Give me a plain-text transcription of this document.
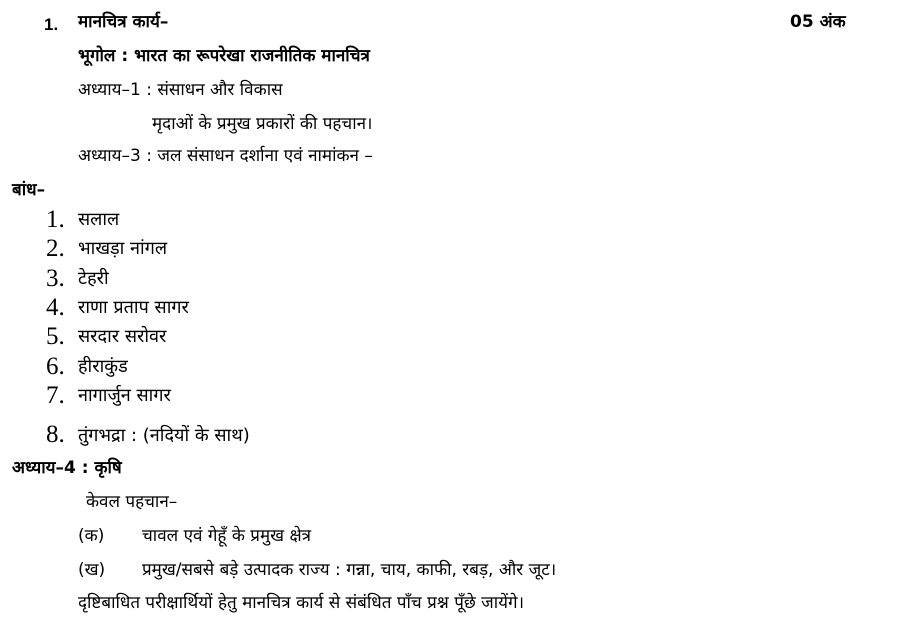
1. मानचित्र कार्य–	05 अंक
भूगोल : भारत का रूपरेखा राजनीतिक मानचित्र
अध्याय–1 : संसाधन और विकास
मृदाओं के प्रमुख प्रकारों की पहचान।
अध्याय–3 : जल संसाधन दर्शाना एवं नामांकन –
बांध–
1. सलाल
2. भाखड़ा नांगल
3. टेहरी
4. राणा प्रताप सागर
5. सरदार सरोवर
6. हीराकुंड
7. नागार्जुन सागर
8. तुंगभद्रा : (नदियों के साथ)
अध्याय–4 : कृषि
केवल पहचान–
(क) चावल एवं गेहूँ के प्रमुख क्षेत्र
(ख) प्रमुख/सबसे बड़े उत्पादक राज्य : गन्ना, चाय, काफी, रबड़, और जूट।
दृष्टिबाधित परीक्षार्थियों हेतु मानचित्र कार्य से संबंधित पाँच प्रश्न पूँछे जायेंगे।
